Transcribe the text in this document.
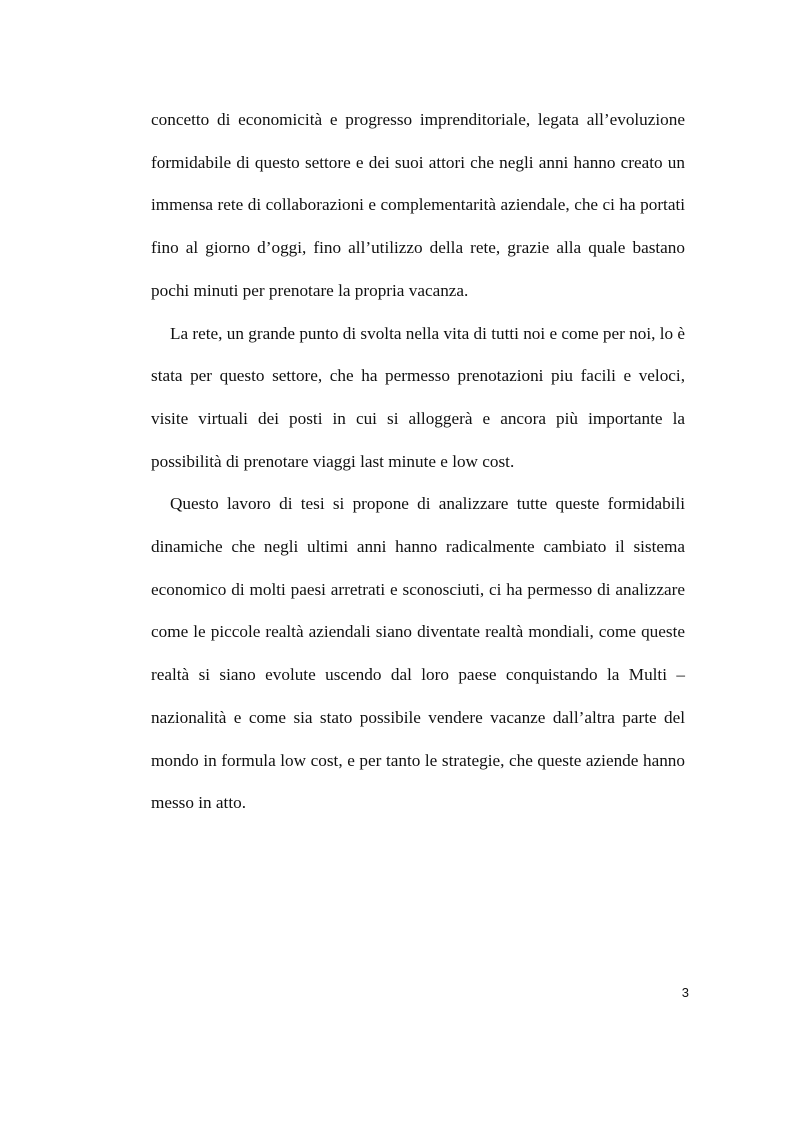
concetto di economicità e progresso imprenditoriale, legata all’evoluzione formidabile di questo settore e dei suoi attori che negli anni hanno creato un immensa rete di collaborazioni e complementarità aziendale, che ci ha portati fino al giorno d’oggi, fino all’utilizzo della rete, grazie alla quale bastano pochi minuti per prenotare la propria vacanza.

La rete, un grande punto di svolta nella vita di tutti noi e come per noi, lo è stata per questo settore, che ha permesso prenotazioni piu facili e veloci, visite virtuali dei posti in cui si alloggerà e ancora più importante la possibilità di prenotare viaggi last minute e low cost.

Questo lavoro di tesi si propone di analizzare tutte queste formidabili dinamiche che negli ultimi anni hanno radicalmente cambiato il sistema economico di molti paesi arretrati e sconosciuti, ci ha permesso di analizzare come le piccole realtà aziendali siano diventate realtà mondiali, come queste realtà si siano evolute uscendo dal loro paese conquistando la Multi – nazionalità e come sia stato possibile vendere vacanze dall’altra parte del mondo in formula low cost, e per tanto le strategie, che queste aziende hanno messo in atto.

3
